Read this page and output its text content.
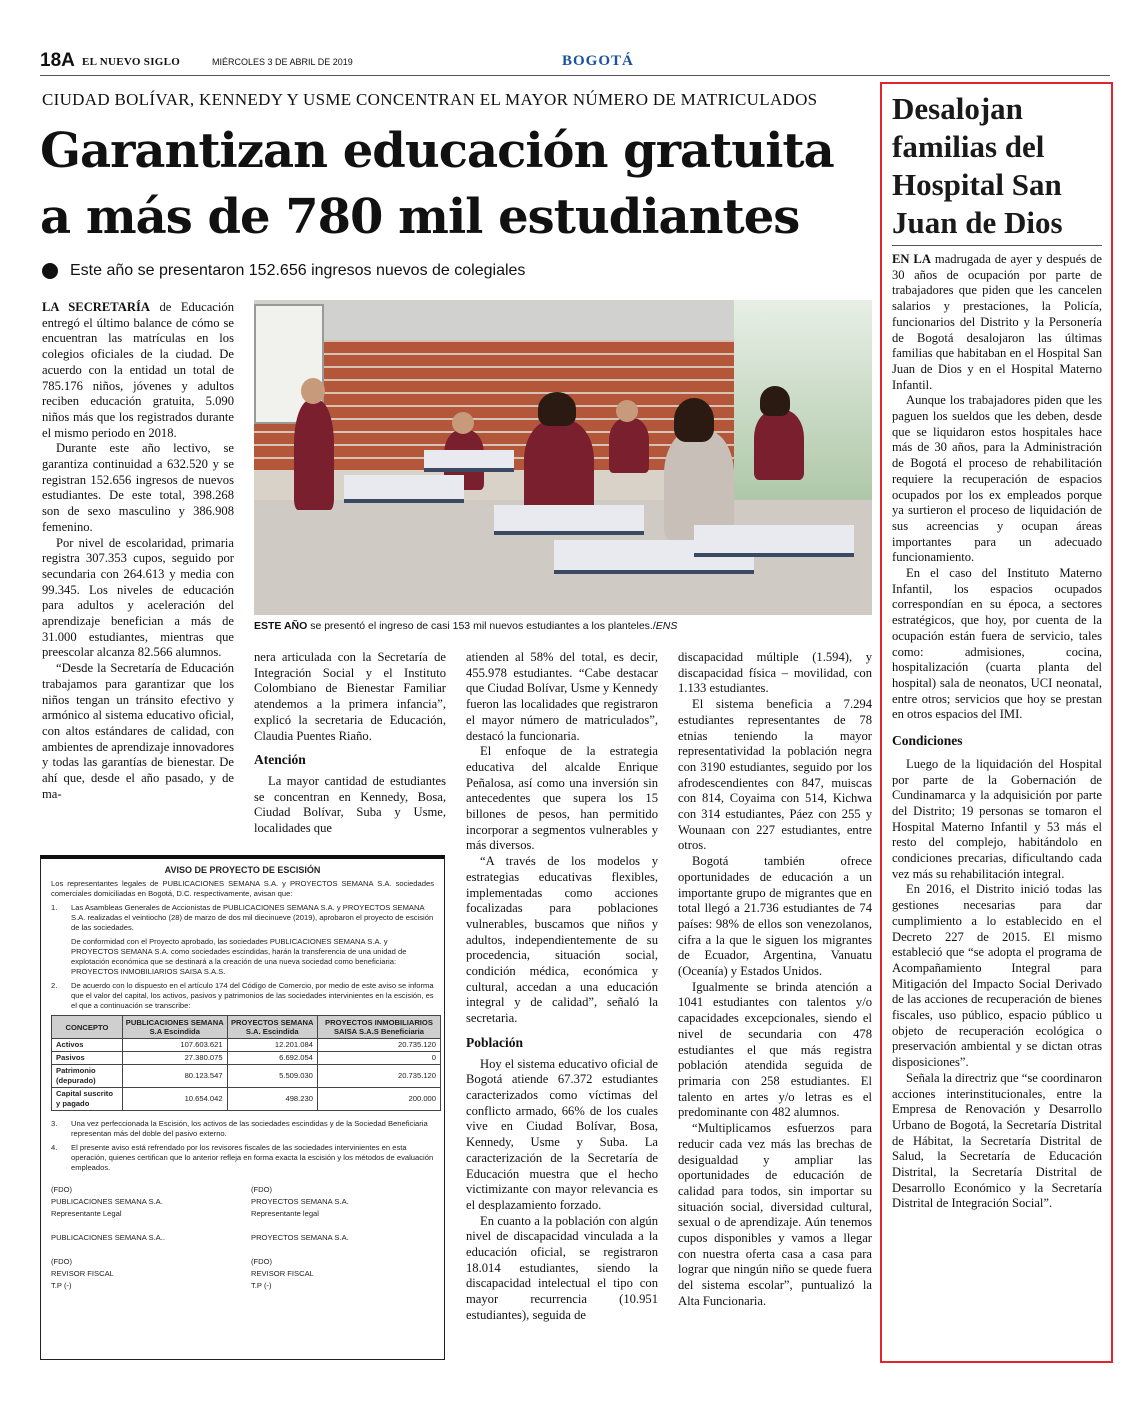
18A EL NUEVO SIGLO	MIÉRCOLES 3 DE ABRIL DE 2019	BOGOTÁ
CIUDAD BOLÍVAR, KENNEDY Y USME CONCENTRAN EL MAYOR NÚMERO DE MATRICULADOS
Garantizan educación gratuita a más de 780 mil estudiantes
Este año se presentaron 152.656 ingresos nuevos de colegiales

LA SECRETARÍA de Educación entregó el último balance de cómo se encuentran las matrículas en los colegios oficiales de la ciudad. De acuerdo con la entidad un total de 785.176 niños, jóvenes y adultos reciben educación gratuita, 5.090 niños más que los registrados durante el mismo periodo en 2018.

Durante este año lectivo, se garantiza continuidad a 632.520 y se registran 152.656 ingresos de nuevos estudiantes. De este total, 398.268 son de sexo masculino y 386.908 femenino.

Por nivel de escolaridad, primaria registra 307.353 cupos, seguido por secundaria con 264.613 y media con 99.345. Los niveles de educación para adultos y aceleración del aprendizaje benefician a más de 31.000 estudiantes, mientras que preescolar alcanza 82.566 alumnos.

“Desde la Secretaría de Educación trabajamos para garantizar que los niños tengan un tránsito efectivo y armónico al sistema educativo oficial, con altos estándares de calidad, con ambientes de aprendizaje innovadores y todas las garantías de bienestar. De ahí que, desde el año pasado, y de ma-

ESTE AÑO se presentó el ingreso de casi 153 mil nuevos estudiantes a los planteles./ENS

nera articulada con la Secretaría de Integración Social y el Instituto Colombiano de Bienestar Familiar atendemos a la primera infancia”, explicó la secretaria de Educación, Claudia Puentes Riaño.

Atención

La mayor cantidad de estudiantes se concentran en Kennedy, Bosa, Ciudad Bolívar, Suba y Usme, localidades que

atienden al 58% del total, es decir, 455.978 estudiantes. “Cabe destacar que Ciudad Bolívar, Usme y Kennedy fueron las localidades que registraron el mayor número de matriculados”, destacó la funcionaria.

El enfoque de la estrategia educativa del alcalde Enrique Peñalosa, así como una inversión sin antecedentes que supera los 15 billones de pesos, han permitido incorporar a segmentos vulnerables y más diversos.

“A través de los modelos y estrategias educativas flexibles, implementadas como acciones focalizadas para poblaciones vulnerables, buscamos que niños y adultos, independientemente de su procedencia, situación social, condición médica, económica y cultural, accedan a una educación integral y de calidad”, señaló la secretaria.

Población

Hoy el sistema educativo oficial de Bogotá atiende 67.372 estudiantes caracterizados como víctimas del conflicto armado, 66% de los cuales vive en Ciudad Bolívar, Bosa, Kennedy, Usme y Suba. La caracterización de la Secretaría de Educación muestra que el hecho victimizante con mayor relevancia es el desplazamiento forzado.

En cuanto a la población con algún nivel de discapacidad vinculada a la educación oficial, se registraron 18.014 estudiantes, siendo la discapacidad intelectual el tipo con mayor recurrencia (10.951 estudiantes), seguida de

discapacidad múltiple (1.594), y discapacidad física – movilidad, con 1.133 estudiantes.

El sistema beneficia a 7.294 estudiantes representantes de 78 etnias teniendo la mayor representatividad la población negra con 3190 estudiantes, seguido por los afrodescendientes con 847, muiscas con 814, Coyaima con 514, Kichwa con 314 estudiantes, Páez con 255 y Wounaan con 227 estudiantes, entre otros.

Bogotá también ofrece oportunidades de educación a un importante grupo de migrantes que en total llegó a 21.736 estudiantes de 74 países: 98% de ellos son venezolanos, cifra a la que le siguen los migrantes de Ecuador, Argentina, Vanuatu (Oceanía) y Estados Unidos.

Igualmente se brinda atención a 1041 estudiantes con talentos y/o capacidades excepcionales, siendo el nivel de secundaria con 478 estudiantes el que más registra población atendida seguida de primaria con 258 estudiantes. El talento en artes y/o letras es el predominante con 482 alumnos.

“Multiplicamos esfuerzos para reducir cada vez más las brechas de desigualdad y ampliar las oportunidades de educación de calidad para todos, sin importar su situación social, diversidad cultural, sexual o de aprendizaje. Aún tenemos cupos disponibles y vamos a llegar con nuestra oferta casa a casa para lograr que ningún niño se quede fuera del sistema escolar”, puntualizó la Alta Funcionaria.

AVISO DE PROYECTO DE ESCISIÓN

Los representantes legales de PUBLICACIONES SEMANA S.A. y PROYECTOS SEMANA S.A. sociedades comerciales domiciliadas en Bogotá, D.C. respectivamente, avisan que:

1.	Las Asambleas Generales de Accionistas de PUBLICACIONES SEMANA S.A. y PROYECTOS SEMANA S.A. realizadas el veintiocho (28) de marzo de dos mil diecinueve (2019), aprobaron el proyecto de escisión de las sociedades.
De conformidad con el Proyecto aprobado, las sociedades PUBLICACIONES SEMANA S.A. y PROYECTOS SEMANA S.A. como sociedades escindidas, harán la transferencia de una unidad de explotación económica que se destinará a la creación de una nueva sociedad como beneficiaria: PROYECTOS INMOBILIARIOS SAISA S.A.S.
2.	De acuerdo con lo dispuesto en el artículo 174 del Código de Comercio, por medio de este aviso se informa que el valor del capital, los activos, pasivos y patrimonios de las sociedades intervinientes en la escisión, es el que a continuación se transcribe:
CONCEPTO	PUBLICACIONES SEMANA S.A Escindida	PROYECTOS SEMANA S.A. Escindida	PROYECTOS INMOBILIARIOS SAISA S.A.S Beneficiaria
Activos	107.603.621	12.201.084	20.735.120
Pasivos	27.380.075	6.692.054	0
Patrimonio (depurado)	80.123.547	5.509.030	20.735.120
Capital suscrito y pagado	10.654.042	498.230	200.000
3.	Una vez perfeccionada la Escisión, los activos de las sociedades escindidas y de la Sociedad Beneficiaria representan más del doble del pasivo externo.
4.	El presente aviso está refrendado por los revisores fiscales de las sociedades intervinientes en esta operación, quienes certifican que lo anterior refleja en forma exacta la escisión y los métodos de evaluación empleados.
(FDO)	(FDO)
PUBLICACIONES SEMANA S.A.	PROYECTOS SEMANA S.A.
Representante Legal	Representante legal
PUBLICACIONES SEMANA S.A..	PROYECTOS SEMANA S.A.
(FDO)	(FDO)
REVISOR FISCAL	REVISOR FISCAL
T.P (-)	T.P (-)
Desalojan familias del Hospital San Juan de Dios

EN LA madrugada de ayer y después de 30 años de ocupación por parte de trabajadores que piden que les cancelen salarios y prestaciones, la Policía, funcionarios del Distrito y la Personería de Bogotá desalojaron las últimas familias que habitaban en el Hospital San Juan de Dios y en el Hospital Materno Infantil.

Aunque los trabajadores piden que les paguen los sueldos que les deben, desde que se liquidaron estos hospitales hace más de 30 años, para la Administración de Bogotá el proceso de rehabilitación requiere la recuperación de espacios ocupados por los ex empleados porque ya surtieron el proceso de liquidación de sus acreencias y ocupan áreas importantes para un adecuado funcionamiento.

En el caso del Instituto Materno Infantil, los espacios ocupados correspondían en su época, a sectores estratégicos, que hoy, por cuenta de la ocupación están fuera de servicio, tales como: admisiones, cocina, hospitalización (cuarta planta del hospital) sala de neonatos, UCI neonatal, entre otros; servicios que hoy se prestan en otros espacios del IMI.

Condiciones

Luego de la liquidación del Hospital por parte de la Gobernación de Cundinamarca y la adquisición por parte del Distrito; 19 personas se tomaron el Hospital Materno Infantil y 53 más el resto del complejo, habitándolo en condiciones precarias, dificultando cada vez más su rehabilitación integral.

En 2016, el Distrito inició todas las gestiones necesarias para dar cumplimiento a lo establecido en el Decreto 227 de 2015. El mismo estableció que “se adopta el programa de Acompañamiento Integral para Mitigación del Impacto Social Derivado de las acciones de recuperación de bienes fiscales, uso público, espacio público u objeto de recuperación ecológica o preservación ambiental y se dictan otras disposiciones”.

Señala la directriz que “se coordinaron acciones interinstitucionales, entre la Empresa de Renovación y Desarrollo Urbano de Bogotá, la Secretaría Distrital de Hábitat, la Secretaría Distrital de Salud, la Secretaría de Educación Distrital, la Secretaría Distrital de Desarrollo Económico y la Secretaría Distrital de Integración Social”.
